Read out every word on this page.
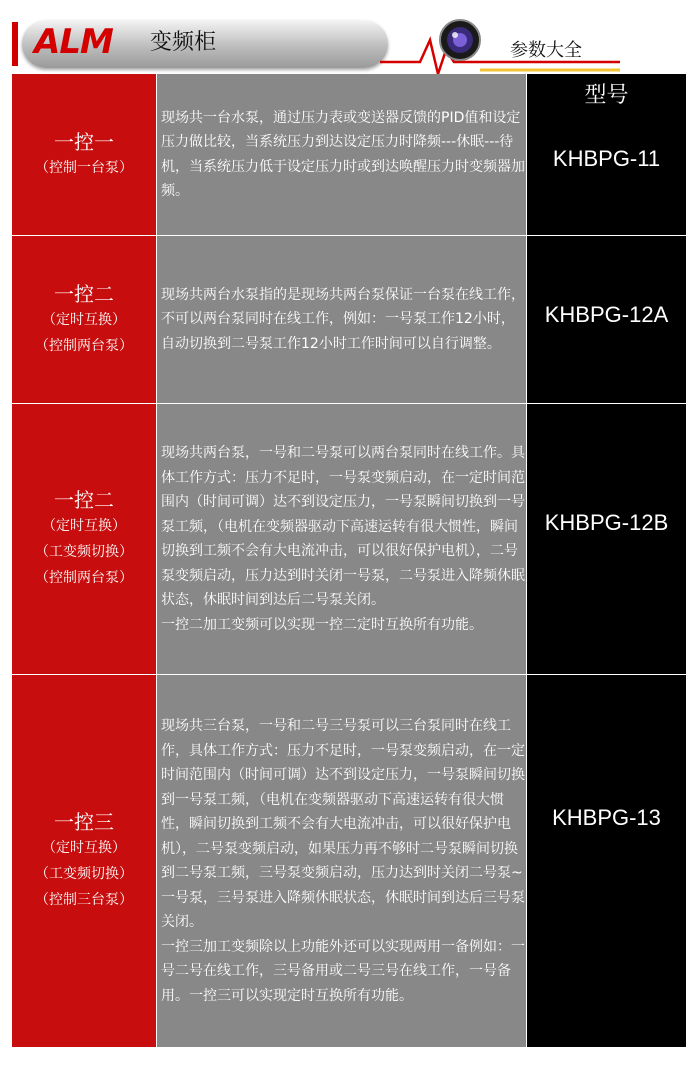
ALM 变频柜	参数大全
一控一
（控制一台泵）
现场共一台水泵，通过压力表或变送器反馈的PID值和设定压力做比较，当系统压力到达设定压力时降频---休眠---待机，当系统压力低于设定压力时或到达唤醒压力时变频器加频。
型号
KHBPG-11
一控二
（定时互换）
（控制两台泵）
现场共两台水泵指的是现场共两台泵保证一台泵在线工作，不可以两台泵同时在线工作，例如：一号泵工作12小时，自动切换到二号泵工作12小时工作时间可以自行调整。
KHBPG-12A
一控二
（定时互换）
（工变频切换）
（控制两台泵）
现场共两台泵，一号和二号泵可以两台泵同时在线工作。具体工作方式：压力不足时，一号泵变频启动，在一定时间范围内（时间可调）达不到设定压力，一号泵瞬间切换到一号泵工频，（电机在变频器驱动下高速运转有很大惯性，瞬间切换到工频不会有大电流冲击，可以很好保护电机），二号泵变频启动，压力达到时关闭一号泵，二号泵进入降频休眠状态，休眠时间到达后二号泵关闭。
一控二加工变频可以实现一控二定时互换所有功能。
KHBPG-12B
一控三
（定时互换）
（工变频切换）
（控制三台泵）
现场共三台泵，一号和二号三号泵可以三台泵同时在线工作，具体工作方式：压力不足时，一号泵变频启动，在一定时间范围内（时间可调）达不到设定压力，一号泵瞬间切换到一号泵工频，（电机在变频器驱动下高速运转有很大惯性，瞬间切换到工频不会有大电流冲击，可以很好保护电机），二号泵变频启动，如果压力再不够时二号泵瞬间切换到二号泵工频，三号泵变频启动，压力达到时关闭二号泵~一号泵，三号泵进入降频休眠状态，休眠时间到达后三号泵关闭。
一控三加工变频除以上功能外还可以实现两用一备例如：一号二号在线工作，三号备用或二号三号在线工作，一号备用。一控三可以实现定时互换所有功能。
KHBPG-13
